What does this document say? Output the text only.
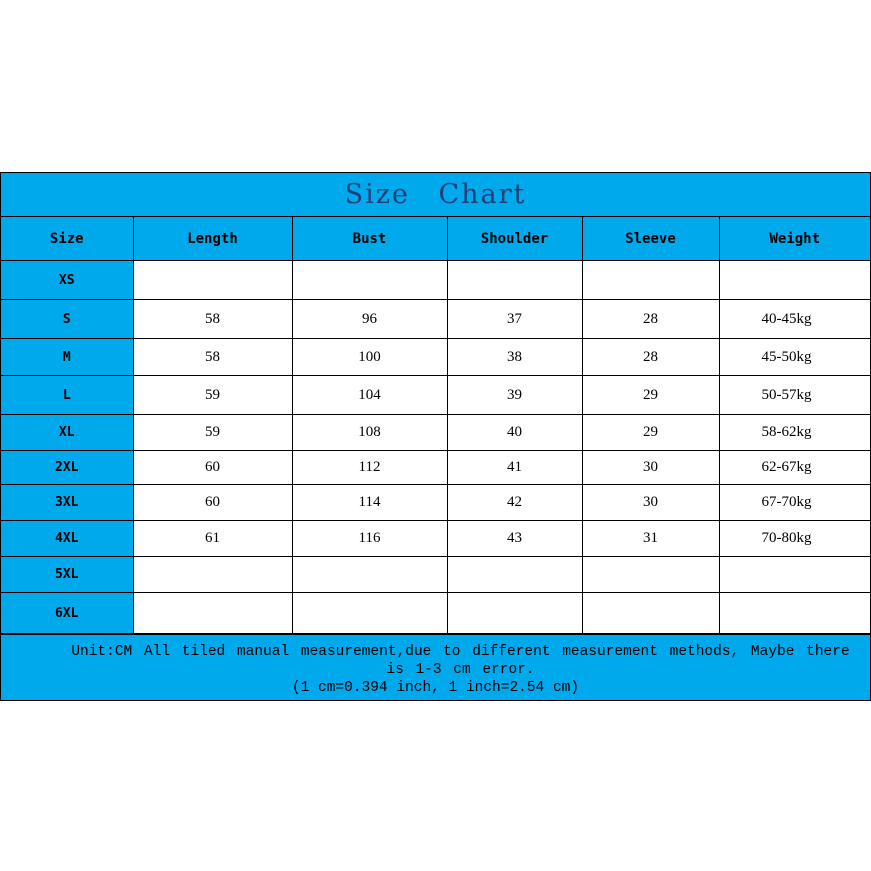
Size Chart
Size	Length	Bust	Shoulder	Sleeve	Weight
XS					
S	58	96	37	28	40-45kg
M	58	100	38	28	45-50kg
L	59	104	39	29	50-57kg
XL	59	108	40	29	58-62kg
2XL	60	112	41	30	62-67kg
3XL	60	114	42	30	67-70kg
4XL	61	116	43	31	70-80kg
5XL					
6XL					
Unit:CM All tiled manual measurement,due to different measurement methods, Maybe there is 1-3 cm error.
(1 cm=0.394 inch, 1 inch=2.54 cm)
